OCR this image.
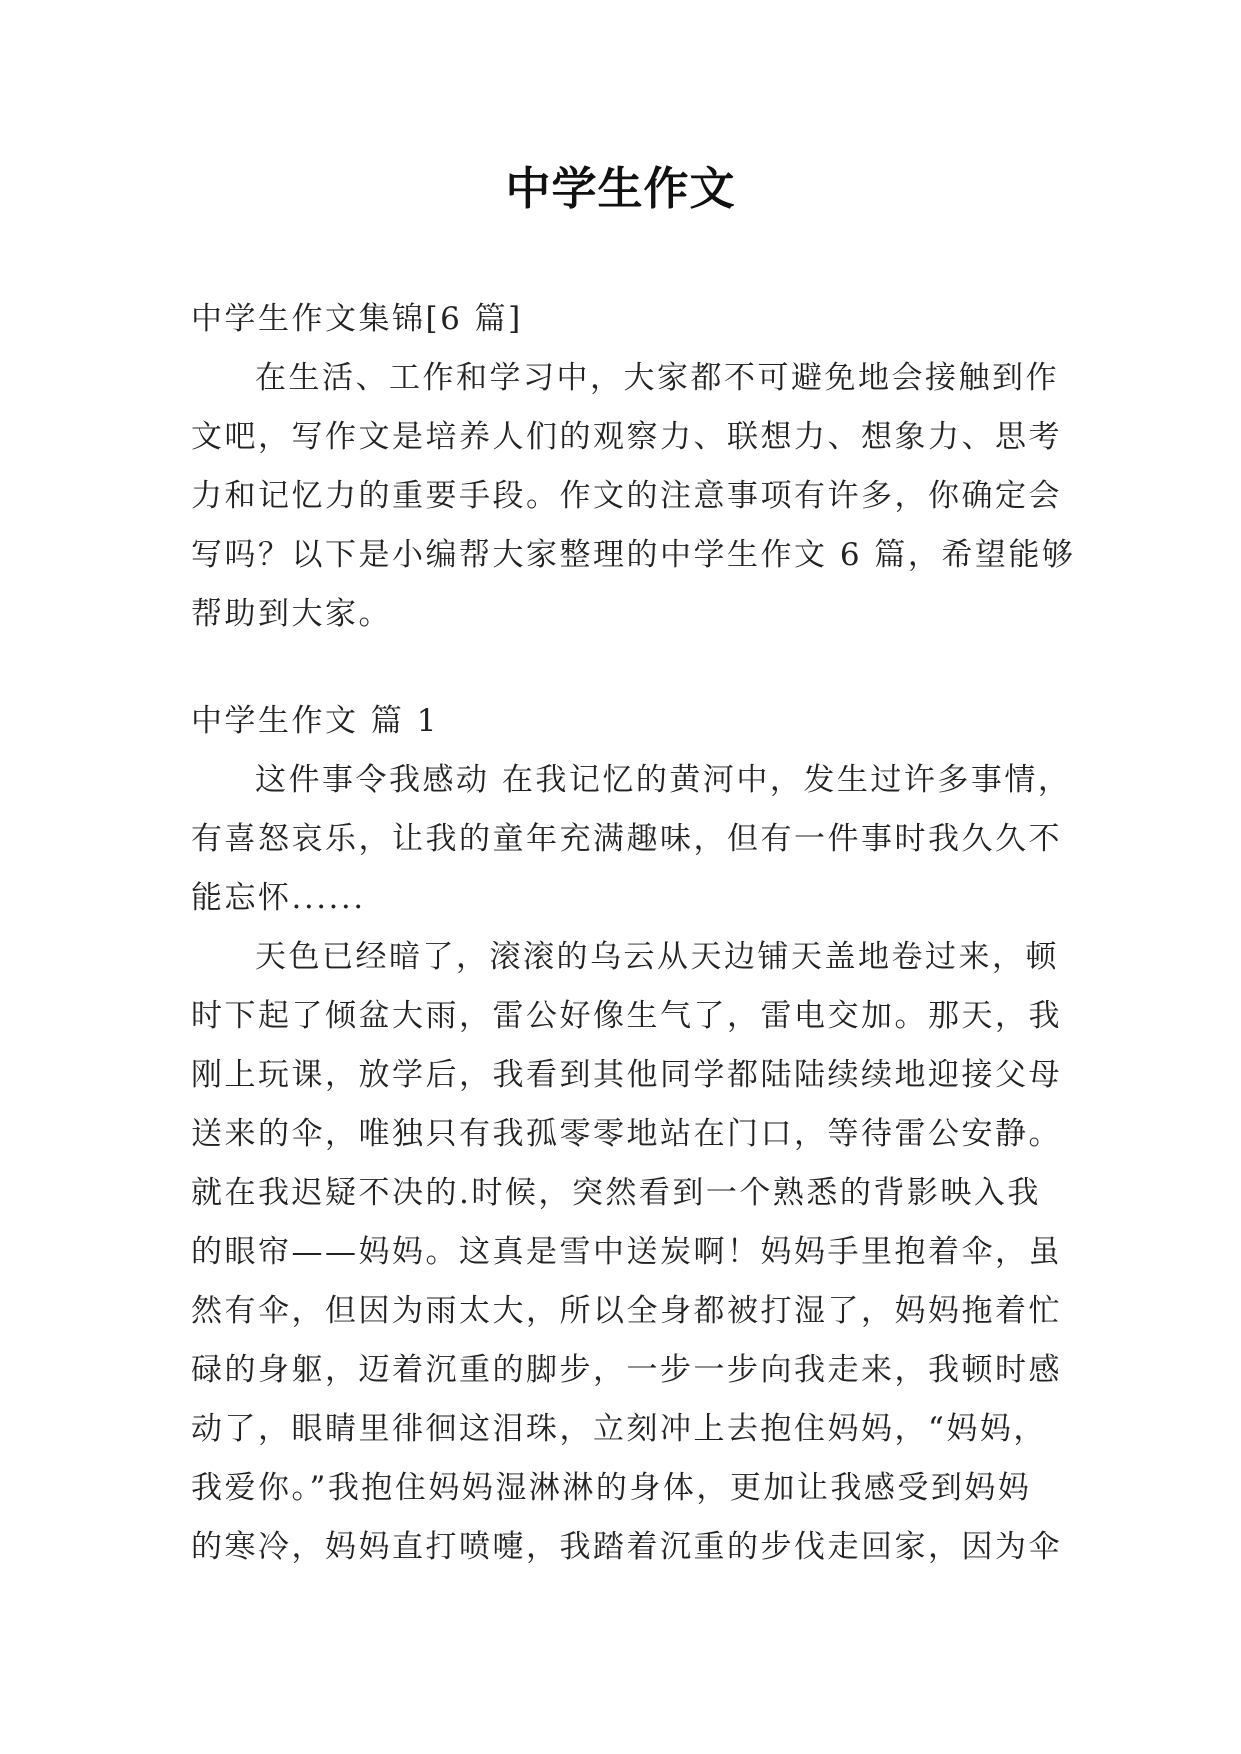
中学生作文
中学生作文集锦[6 篇]
在生活、工作和学习中，大家都不可避免地会接触到作
文吧，写作文是培养人们的观察力、联想力、想象力、思考
力和记忆力的重要手段。作文的注意事项有许多，你确定会
写吗？以下是小编帮大家整理的中学生作文 6 篇，希望能够
帮助到大家。
中学生作文 篇 1
这件事令我感动 在我记忆的黄河中，发生过许多事情，
有喜怒哀乐，让我的童年充满趣味，但有一件事时我久久不
能忘怀......
天色已经暗了，滚滚的乌云从天边铺天盖地卷过来，顿
时下起了倾盆大雨，雷公好像生气了，雷电交加。那天，我
刚上玩课，放学后，我看到其他同学都陆陆续续地迎接父母
送来的伞，唯独只有我孤零零地站在门口，等待雷公安静。
就在我迟疑不决的.时候，突然看到一个熟悉的背影映入我
的眼帘——妈妈。这真是雪中送炭啊！妈妈手里抱着伞，虽
然有伞，但因为雨太大，所以全身都被打湿了，妈妈拖着忙
碌的身躯，迈着沉重的脚步，一步一步向我走来，我顿时感
动了，眼睛里徘徊这泪珠，立刻冲上去抱住妈妈，“妈妈，
我爱你。”我抱住妈妈湿淋淋的身体，更加让我感受到妈妈
的寒冷，妈妈直打喷嚏，我踏着沉重的步伐走回家，因为伞
